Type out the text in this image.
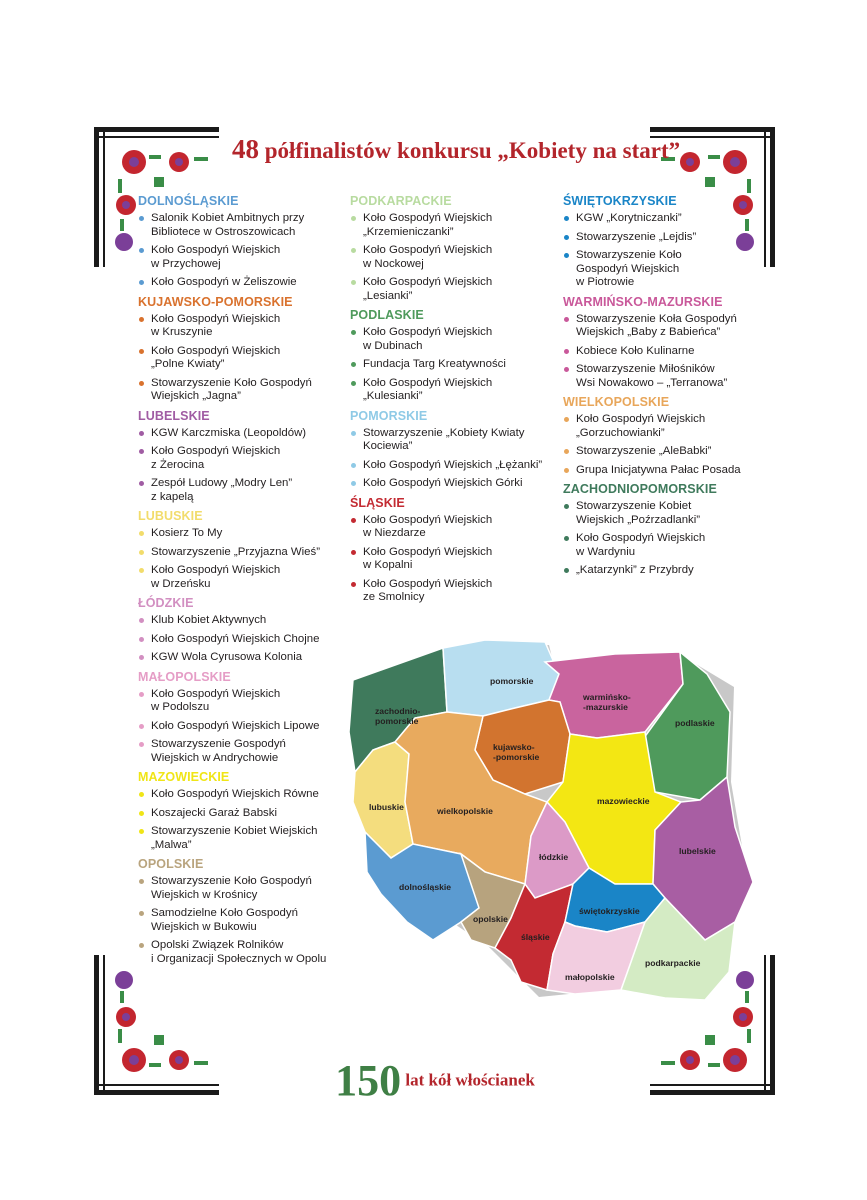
48 półfinalistów konkursu „Kobiety na start”
DOLNOŚLĄSKIE
Salonik Kobiet Ambitnych przy
Bibliotece w Ostroszowicach
Koło Gospodyń Wiejskich
w Przychowej
Koło Gospodyń w Żeliszowie
KUJAWSKO-POMORSKIE
Koło Gospodyń Wiejskich
w Kruszynie
Koło Gospodyń Wiejskich
„Polne Kwiaty”
Stowarzyszenie Koło Gospodyń
Wiejskich „Jagna”
LUBELSKIE
KGW Karczmiska (Leopoldów)
Koło Gospodyń Wiejskich
z Żerocina
Zespół Ludowy „Modry Len”
z kapelą
LUBUSKIE
Kosierz To My
Stowarzyszenie „Przyjazna Wieś”
Koło Gospodyń Wiejskich
w Drzeńsku
ŁÓDZKIE
Klub Kobiet Aktywnych
Koło Gospodyń Wiejskich Chojne
KGW Wola Cyrusowa Kolonia
MAŁOPOLSKIE
Koło Gospodyń Wiejskich
w Podolszu
Koło Gospodyń Wiejskich Lipowe
Stowarzyszenie Gospodyń
Wiejskich w Andrychowie
MAZOWIECKIE
Koło Gospodyń Wiejskich Równe
Koszajecki Garaż Babski
Stowarzyszenie Kobiet Wiejskich
„Malwa”
OPOLSKIE
Stowarzyszenie Koło Gospodyń
Wiejskich w Krośnicy
Samodzielne Koło Gospodyń
Wiejskich w Bukowiu
Opolski Związek Rolników
i Organizacji Społecznych w Opolu
PODKARPACKIE
Koło Gospodyń Wiejskich
„Krzemieniczanki”
Koło Gospodyń Wiejskich
w Nockowej
Koło Gospodyń Wiejskich
„Lesianki”
PODLASKIE
Koło Gospodyń Wiejskich
w Dubinach
Fundacja Targ Kreatywności
Koło Gospodyń Wiejskich
„Kulesianki”
POMORSKIE
Stowarzyszenie „Kobiety Kwiaty
Kociewia”
Koło Gospodyń Wiejskich „Łężanki”
Koło Gospodyń Wiejskich Górki
ŚLĄSKIE
Koło Gospodyń Wiejskich
w Niezdarze
Koło Gospodyń Wiejskich
w Kopalni
Koło Gospodyń Wiejskich
ze Smolnicy
ŚWIĘTOKRZYSKIE
KGW „Korytniczanki”
Stowarzyszenie „Lejdis”
Stowarzyszenie Koło
Gospodyń Wiejskich
w Piotrowie
WARMIŃSKO-MAZURSKIE
Stowarzyszenie Koła Gospodyń
Wiejskich „Baby z Babieńca”
Kobiece Koło Kulinarne
Stowarzyszenie Miłośników
Wsi Nowakowo – „Terranowa”
WIELKOPOLSKIE
Koło Gospodyń Wiejskich
„Gorzuchowianki”
Stowarzyszenie „AleBabki”
Grupa Inicjatywna Pałac Posada
ZACHODNIOPOMORSKIE
Stowarzyszenie Kobiet
Wiejskich „Poźrzadlanki”
Koło Gospodyń Wiejskich
w Wardyniu
„Katarzynki” z Przybrdy
pomorskie
zachodnio-pomorskie
warmińsko--mazurskie
podlaskie
kujawsko--pomorskie
lubuskie	wielkopolskie
mazowieckie
łódzkie
lubelskie
dolnośląskie
opolskie
śląskie
świętokrzyskie
małopolskie
podkarpackie
150 lat kół włościanek
